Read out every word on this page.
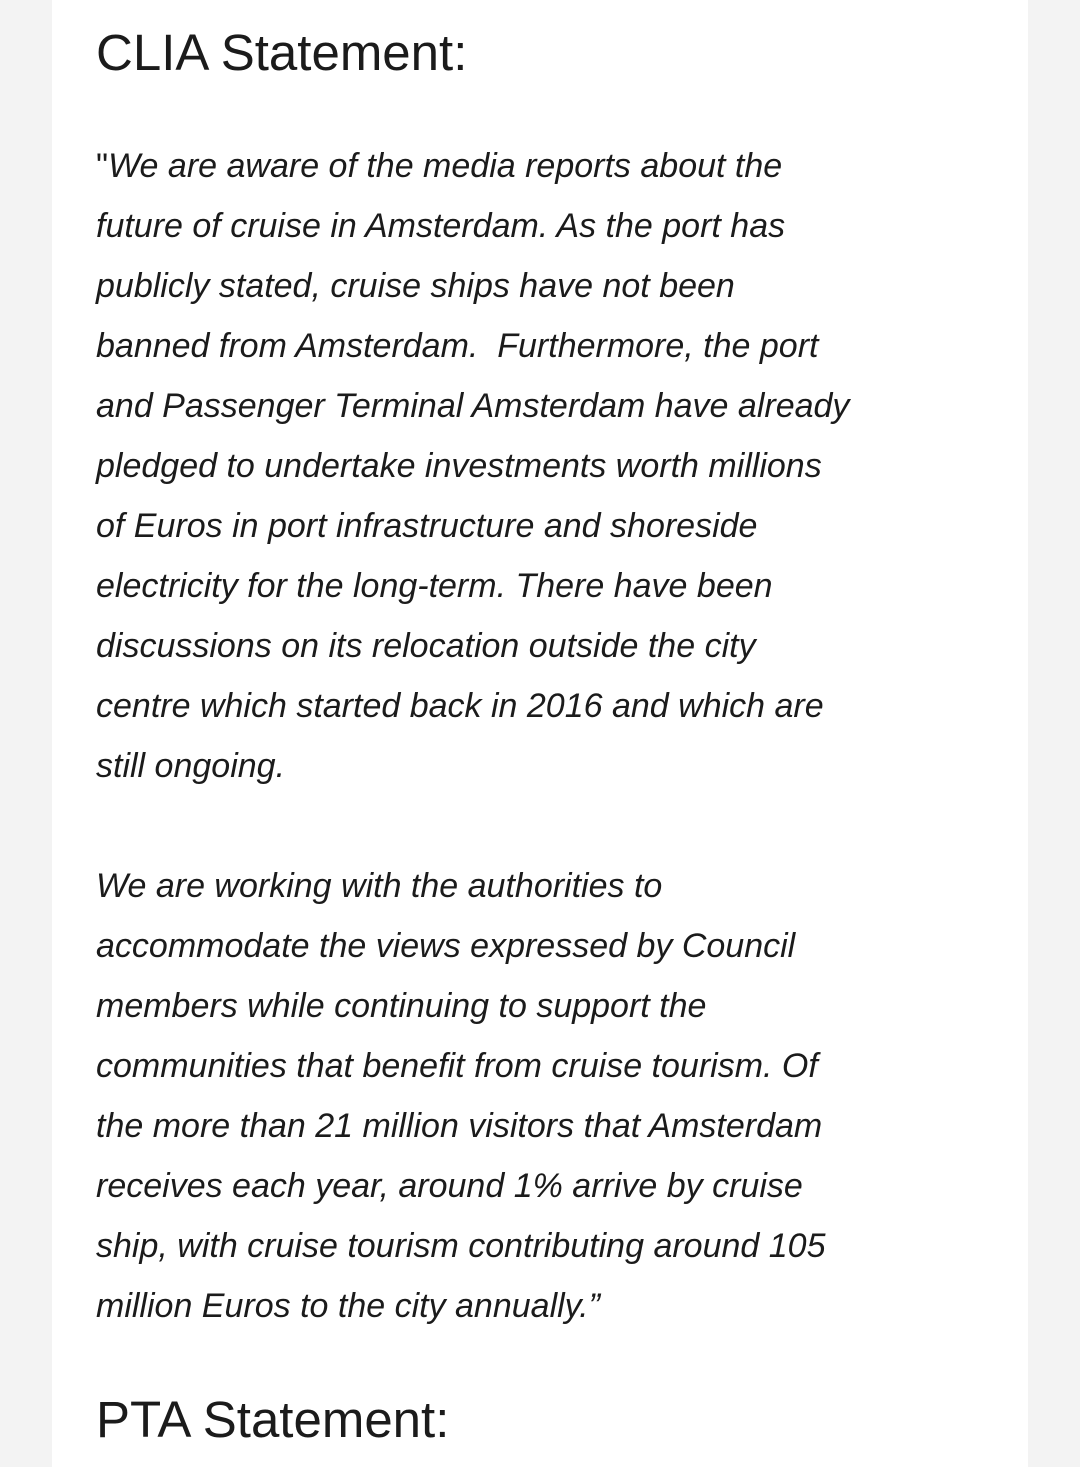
CLIA Statement:
"We are aware of the media reports about the
future of cruise in Amsterdam. As the port has
publicly stated, cruise ships have not been
banned from Amsterdam.  Furthermore, the port
and Passenger Terminal Amsterdam have already
pledged to undertake investments worth millions
of Euros in port infrastructure and shoreside
electricity for the long-term. There have been
discussions on its relocation outside the city
centre which started back in 2016 and which are
still ongoing.
We are working with the authorities to
accommodate the views expressed by Council
members while continuing to support the
communities that benefit from cruise tourism. Of
the more than 21 million visitors that Amsterdam
receives each year, around 1% arrive by cruise
ship, with cruise tourism contributing around 105
million Euros to the city annually.”
PTA Statement:
